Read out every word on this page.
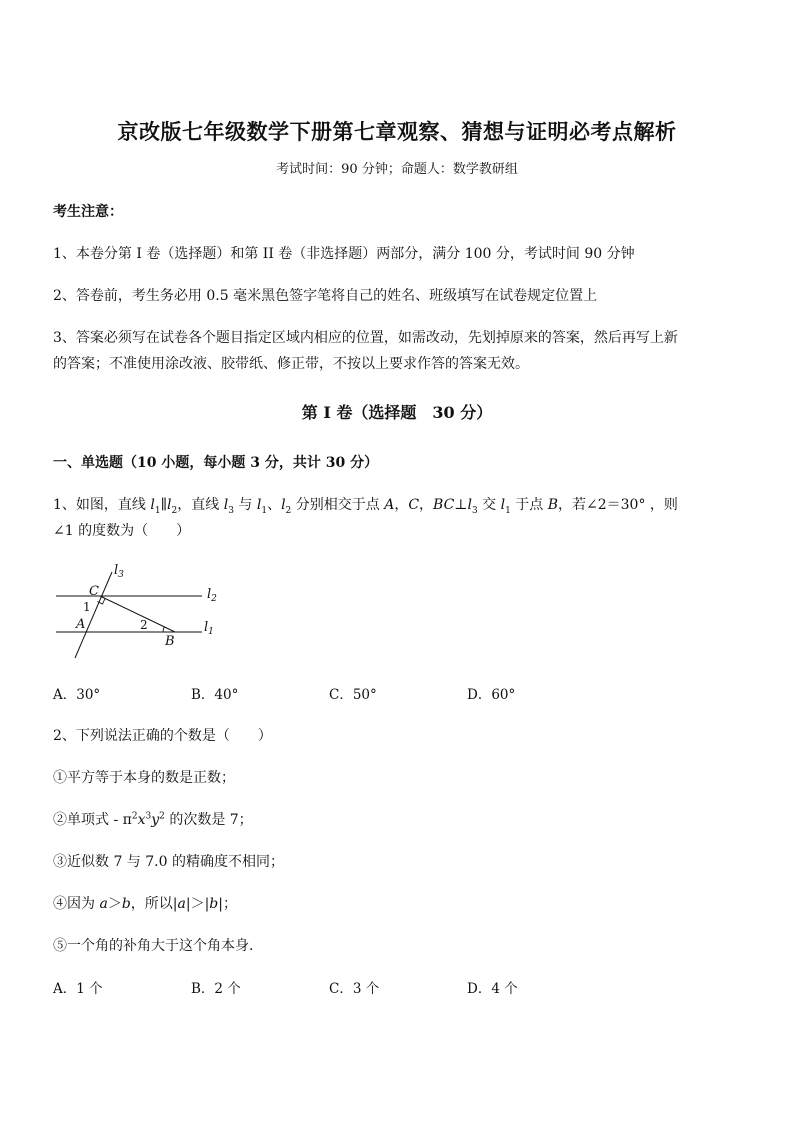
京改版七年级数学下册第七章观察、猜想与证明必考点解析
考试时间：90 分钟；命题人：数学教研组
考生注意：
1、本卷分第 I 卷（选择题）和第 II 卷（非选择题）两部分，满分 100 分，考试时间 90 分钟
2、答卷前，考生务必用 0.5 毫米黑色签字笔将自己的姓名、班级填写在试卷规定位置上
3、答案必须写在试卷各个题目指定区域内相应的位置，如需改动，先划掉原来的答案，然后再写上新
的答案；不准使用涂改液、胶带纸、修正带，不按以上要求作答的答案无效。
第 I 卷（选择题　30 分）
一、单选题（10 小题，每小题 3 分，共计 30 分）
1、如图，直线 $l_1\parallel l_2$，直线 $l_3$ 与 $l_1$、$l_2$ 分别相交于点 A，C，$BC\perp l_3$ 交 $l_1$ 于点 B，若∠2＝30° ，则
∠1 的度数为（　　）
$l_3$
$l_2$
$l_1$
C
1
A	2
B
A．30°	B．40°	C．50°	D．60°
2、下列说法正确的个数是（　　）
①平方等于本身的数是正数；
②单项式 - $\pi^2x^3y^2$ 的次数是 7；
③近似数 7 与 7.0 的精确度不相同；
④因为 a＞b，所以|a|＞|b|；
⑤一个角的补角大于这个角本身．
A．1 个	B．2 个	C．3 个	D．4 个
